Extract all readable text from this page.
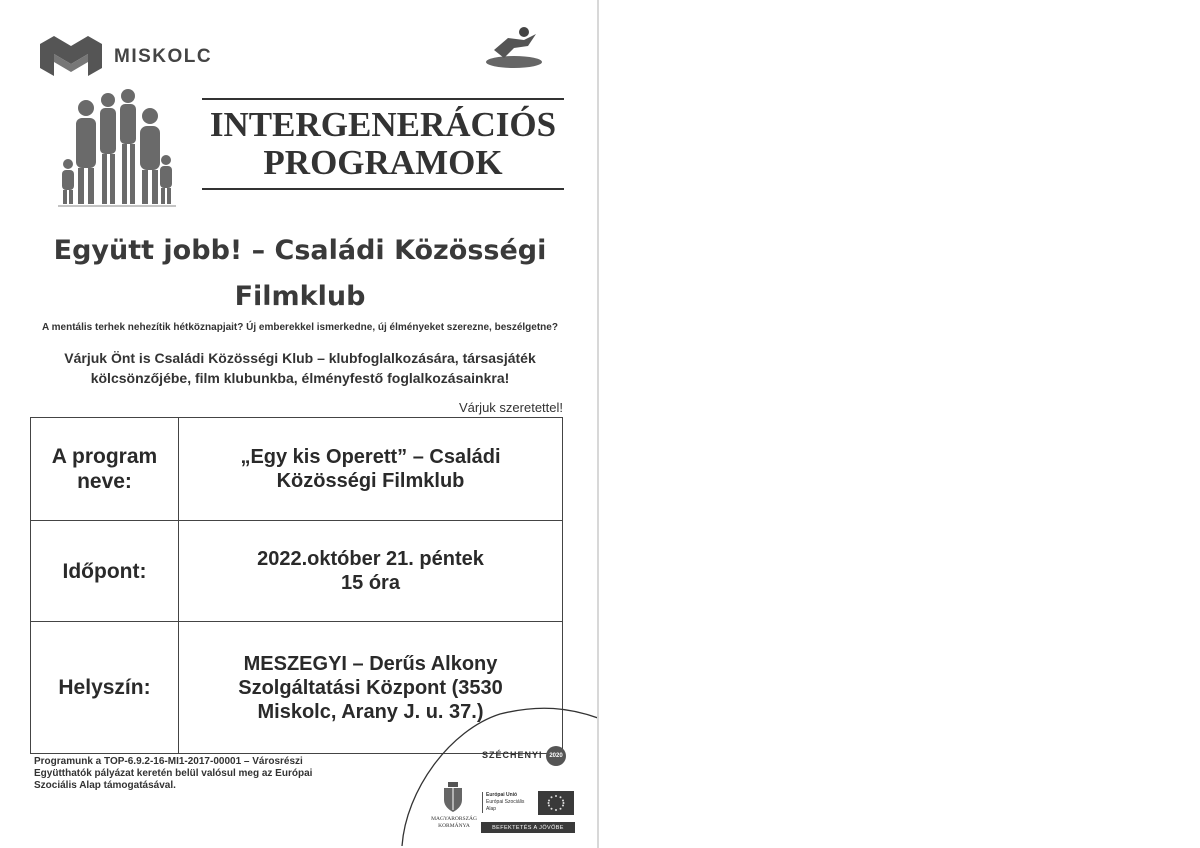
MISKOLC
INTERGENERÁCIÓS
PROGRAMOK
Együtt jobb! – Családi Közösségi
Filmklub
A mentális terhek nehezítik hétköznapjait? Új emberekkel ismerkedne, új élményeket szerezne, beszélgetne?
Várjuk Önt is Családi Közösségi Klub – klubfoglalkozására, társasjáték
kölcsönzőjébe, film klubunkba, élményfestő foglalkozásainkra!
Várjuk szeretettel!
A program
neve:
„Egy kis Operett” – Családi
Közösségi Filmklub
Időpont:
2022.október 21. péntek
15 óra
Helyszín:
MESZEGYI – Derűs Alkony
Szolgáltatási Központ (3530
Miskolc, Arany J. u. 37.)
Programunk a TOP-6.9.2-16-MI1-2017-00001 – Városrészi
Együtthatók pályázat keretén belül valósul meg az Európai
Szociális Alap támogatásával.
SZÉCHENYI	2020
MAGYARORSZÁG
KORMÁNYA
Európai Unió
Európai Szociális
Alap
BEFEKTETÉS A JÖVŐBE
